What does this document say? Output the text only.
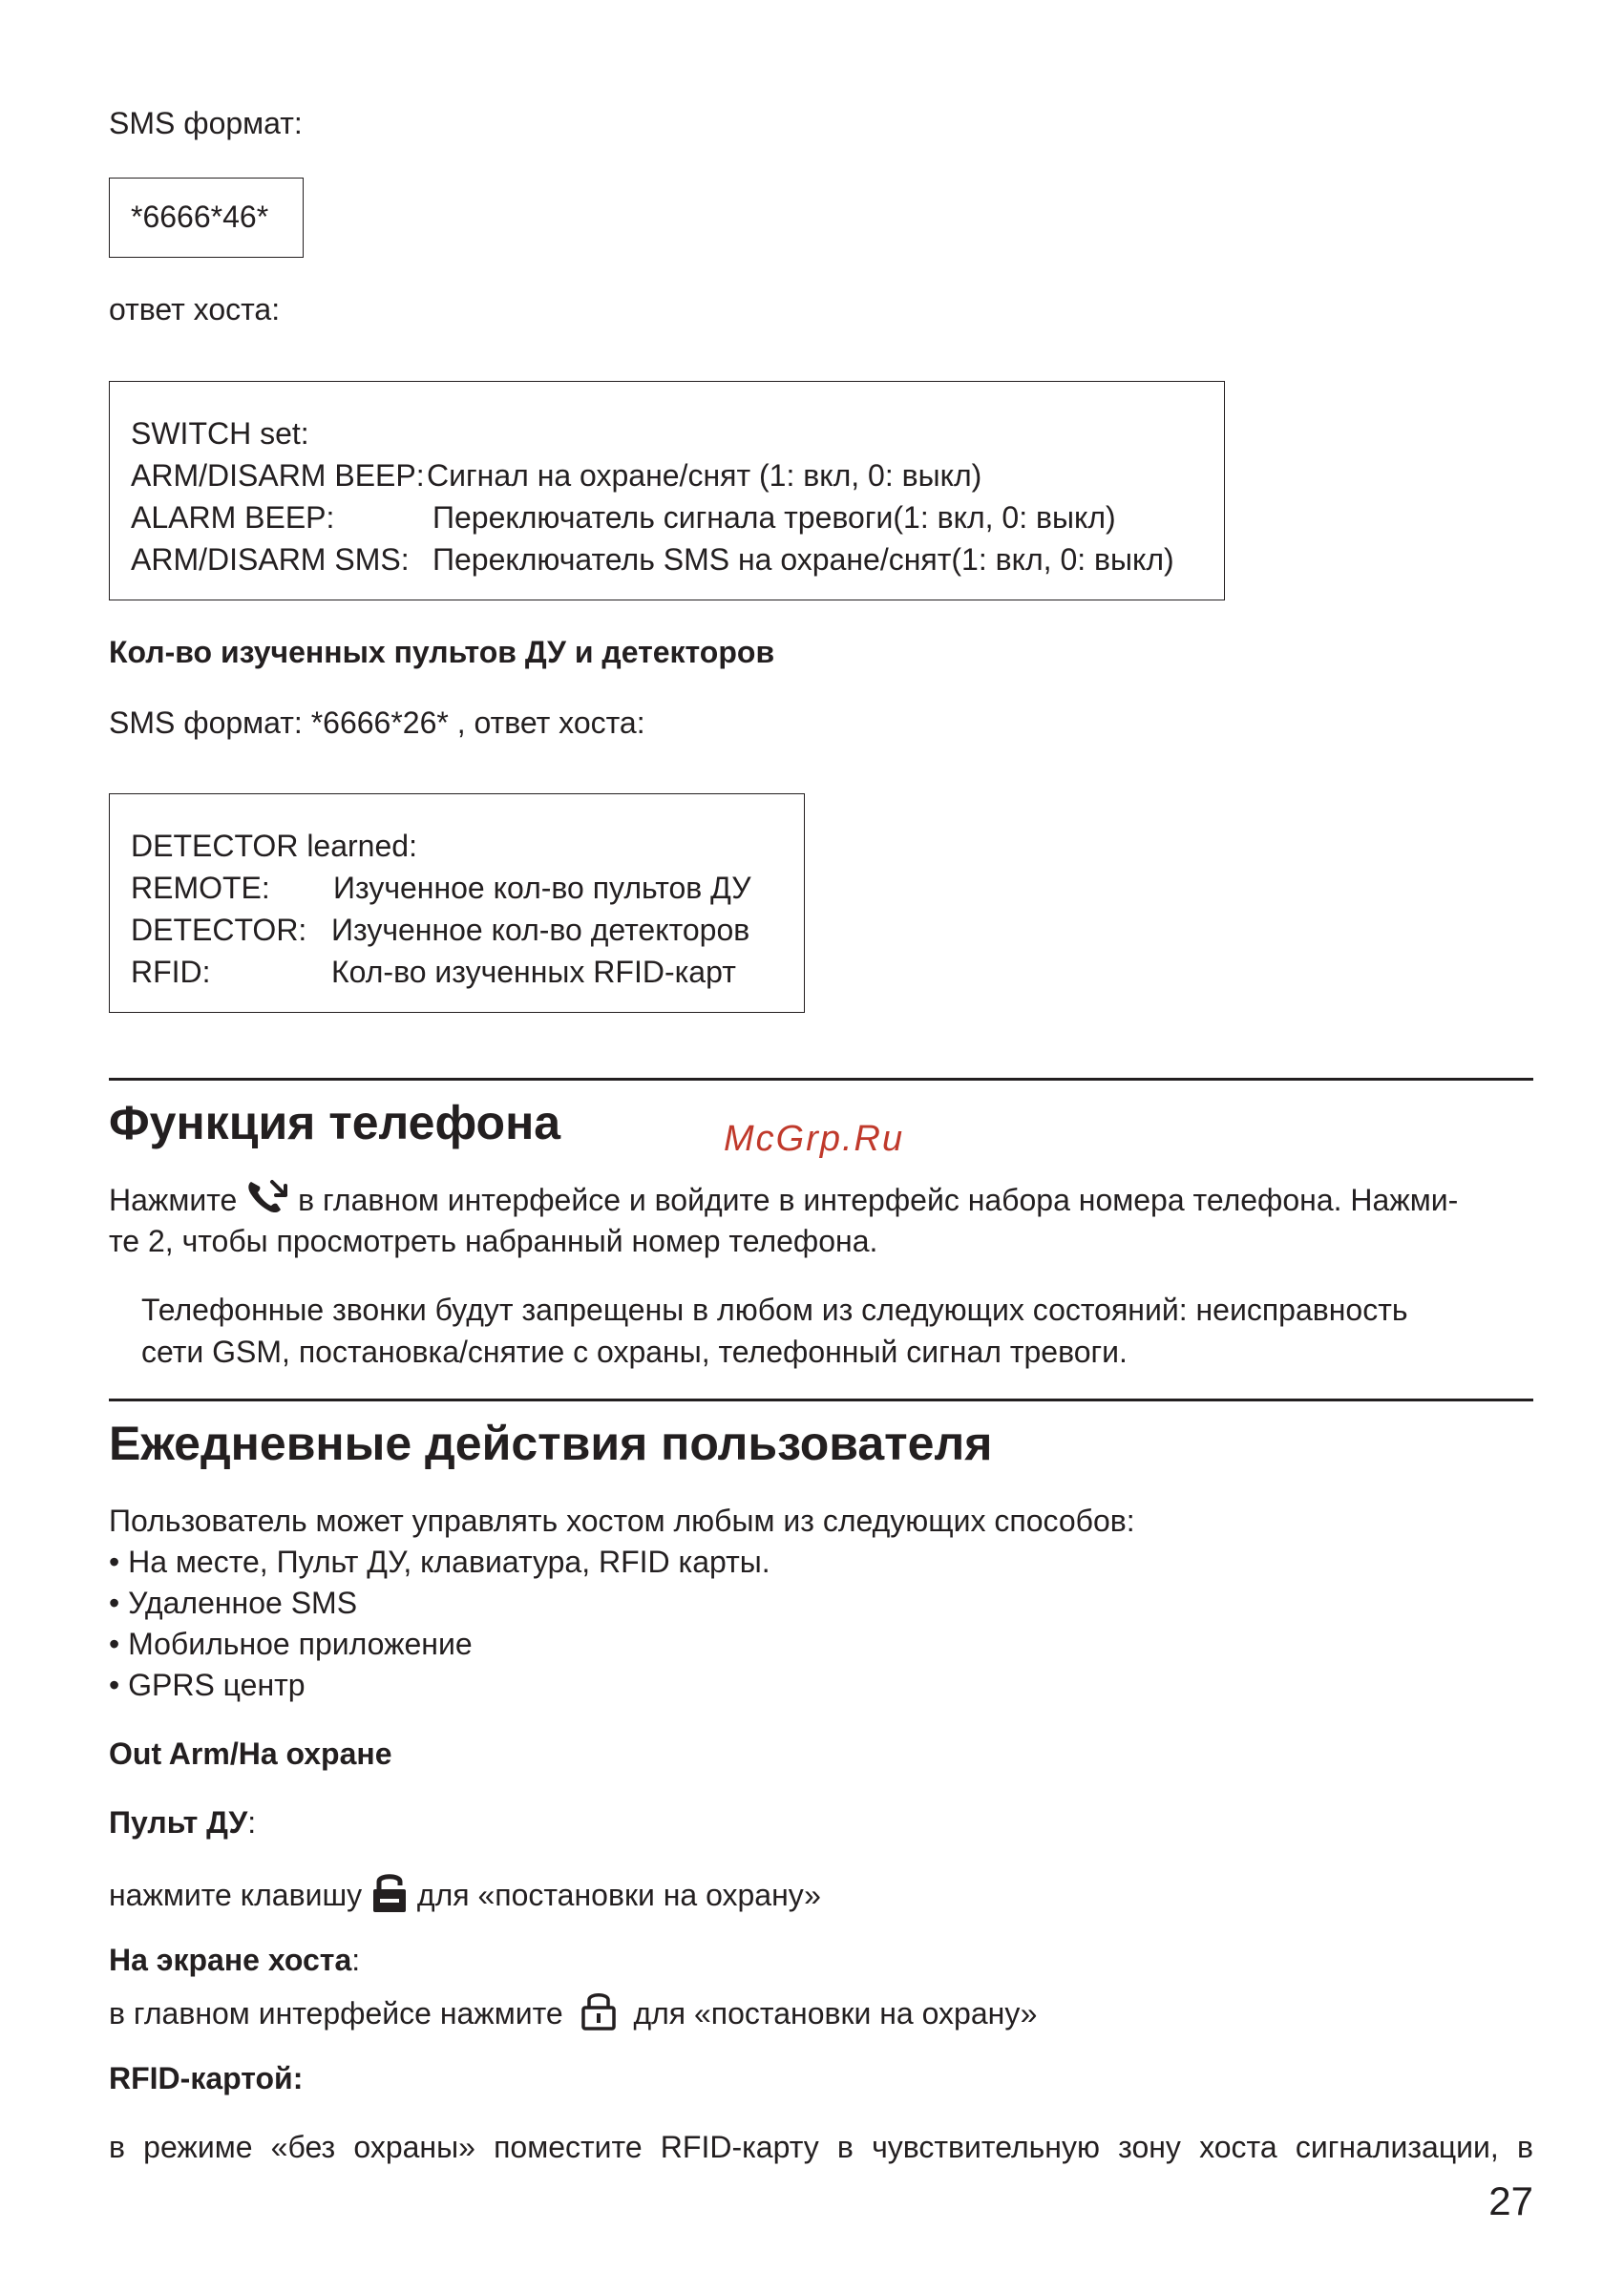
SMS формат:
*6666*46*
ответ хоста:
SWITCH set:
ARM/DISARM BEEP: Сигнал на охране/снят (1: вкл, 0: выкл)
ALARM BEEP:	Переключатель сигнала тревоги(1: вкл, 0: выкл)
ARM/DISARM SMS: Переключатель SMS на охране/снят(1: вкл, 0: выкл)
Кол-во изученных пультов ДУ и детекторов
SMS формат: *6666*26* , ответ хоста:
DETECTOR learned:
REMOTE: Изученное кол-во пультов ДУ
DETECTOR: Изученное кол-во детекторов
RFID:	Кол-во изученных RFID-карт
Функция телефона	McGrp.Ru
Нажмите в главном интерфейсе и войдите в интерфейс набора номера телефона. Нажми-
те 2, чтобы просмотреть набранный номер телефона.
Телефонные звонки будут запрещены в любом из следующих состояний: неисправность
сети GSM, постановка/снятие с охраны, телефонный сигнал тревоги.
Ежедневные действия пользователя
Пользователь может управлять хостом любым из следующих способов:
• На месте, Пульт ДУ, клавиатура, RFID карты.
• Удаленное SMS
• Мобильное приложение
• GPRS центр
Out Arm/На охране
Пульт ДУ:
нажмите клавишу для «постановки на охрану»
На экране хоста:
в главном интерфейсе нажмите для «постановки на охрану»
RFID-картой:
в режиме «без охраны» поместите RFID-карту в чувствительную зону хоста сигнализации, в
27
